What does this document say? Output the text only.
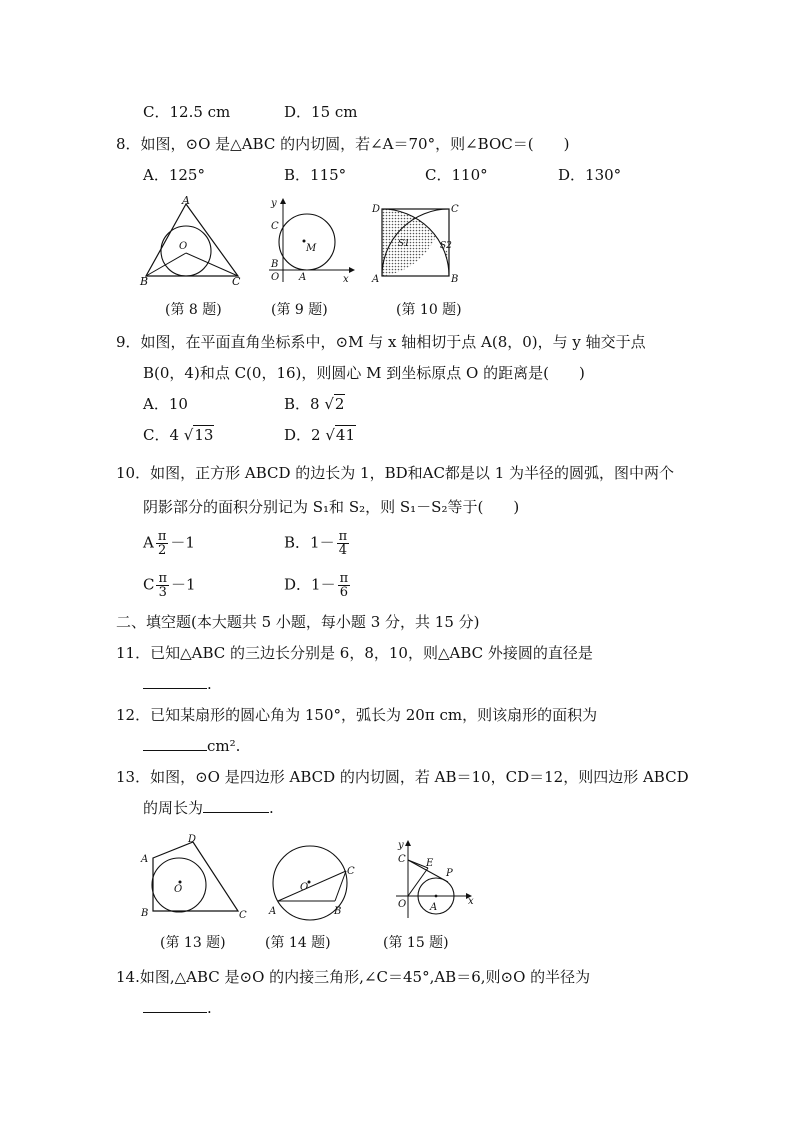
C．12.5 cm	D．15 cm
8．如图，⊙O 是△ABC 的内切圆，若∠A＝70°，则∠BOC＝(　　)
A．125°	B．115°	C．110°	D．130°
A
B	C
O
(第 8 题)
y
C
B
O A	x
M
(第 9 题)
D	C
A	B
S1	S2
(第 10 题)
9．如图，在平面直角坐标系中，⊙M 与 x 轴相切于点 A(8，0)，与 y 轴交于点
B(0，4)和点 C(0，16)，则圆心 M 到坐标原点 O 的距离是(　　)
A．10	B．8 √2
C．4 √13	D．2 √41
10．如图，正方形 ABCD 的边长为 1，BD和AC都是以 1 为半径的圆弧，图中两个
阴影部分的面积分别记为 S₁和 S₂，则 S₁－S₂等于(　　)
A $\frac{\pi}{2} -1$	B．$1- \frac{\pi}{4}$
C $\frac{\pi}{3} -1$	D．$1- \frac{\pi}{6}$
二、填空题(本大题共 5 小题，每小题 3 分，共 15 分)
11．已知△ABC 的三边长分别是 6，8，10，则△ABC 外接圆的直径是
.
12．已知某扇形的圆心角为 150°，弧长为 20π cm，则该扇形的面积为
cm².
13．如图，⊙O 是四边形 ABCD 的内切圆，若 AB＝10，CD＝12，则四边形 ABCD
的周长为	.
A
B	C
D
O
(第 13 题)
A	B
C
O
(第 14 题)
y
C E
P
O A
x
(第 15 题)
14.如图,△ABC 是⊙O 的内接三角形,∠C＝45°,AB＝6,则⊙O 的半径为
.
